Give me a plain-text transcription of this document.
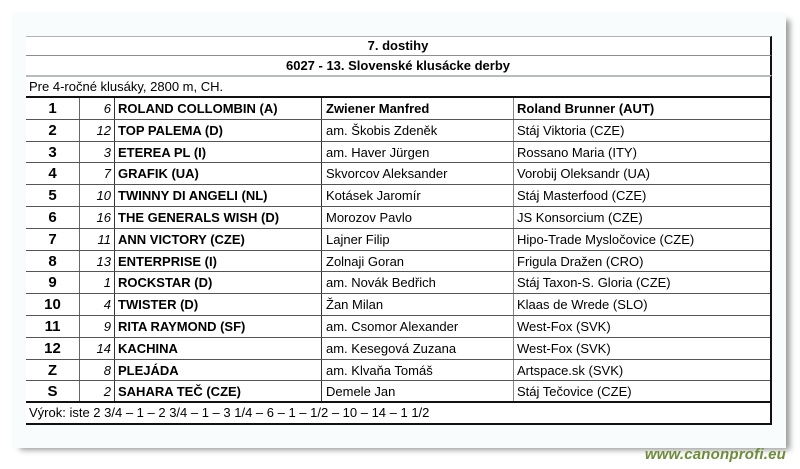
7. dostihy
6027 - 13. Slovenské klusácke derby
Pre 4-ročné klusáky, 2800 m, CH.
1	6 ROLAND COLLOMBIN (A)	Zwiener Manfred	Roland Brunner (AUT)
2	12 TOP PALEMA (D)	am. Škobis Zdeněk	Stáj Viktoria (CZE)
3	3 ETEREA PL (I)	am. Haver Jürgen	Rossano Maria (ITY)
4	7 GRAFIK (UA)	Skvorcov Aleksander	Vorobij Oleksandr (UA)
5	10 TWINNY DI ANGELI (NL)	Kotásek Jaromír	Stáj Masterfood (CZE)
6	16 THE GENERALS WISH (D)	Morozov Pavlo	JS Konsorcium (CZE)
7	11 ANN VICTORY (CZE)	Lajner Filip	Hipo-Trade Mysločovice (CZE)
8	13 ENTERPRISE (I)	Zolnaji Goran	Frigula Dražen (CRO)
9	1 ROCKSTAR (D)	am. Novák Bedřich	Stáj Taxon-S. Gloria (CZE)
10	4 TWISTER (D)	Žan Milan	Klaas de Wrede (SLO)
11	9 RITA RAYMOND (SF)	am. Csomor Alexander	West-Fox (SVK)
12	14 KACHINA	am. Kesegová Zuzana	West-Fox (SVK)
Z	8 PLEJÁDA	am. Klvaňa Tomáš	Artspace.sk (SVK)
S	2 SAHARA TEČ (CZE)	Demele Jan	Stáj Tečovice (CZE)
Výrok: iste 2 3/4 – 1 – 2 3/4 – 1 – 3 1/4 – 6 – 1 – 1/2 – 10 – 14 – 1 1/2
www.canonprofi.eu
